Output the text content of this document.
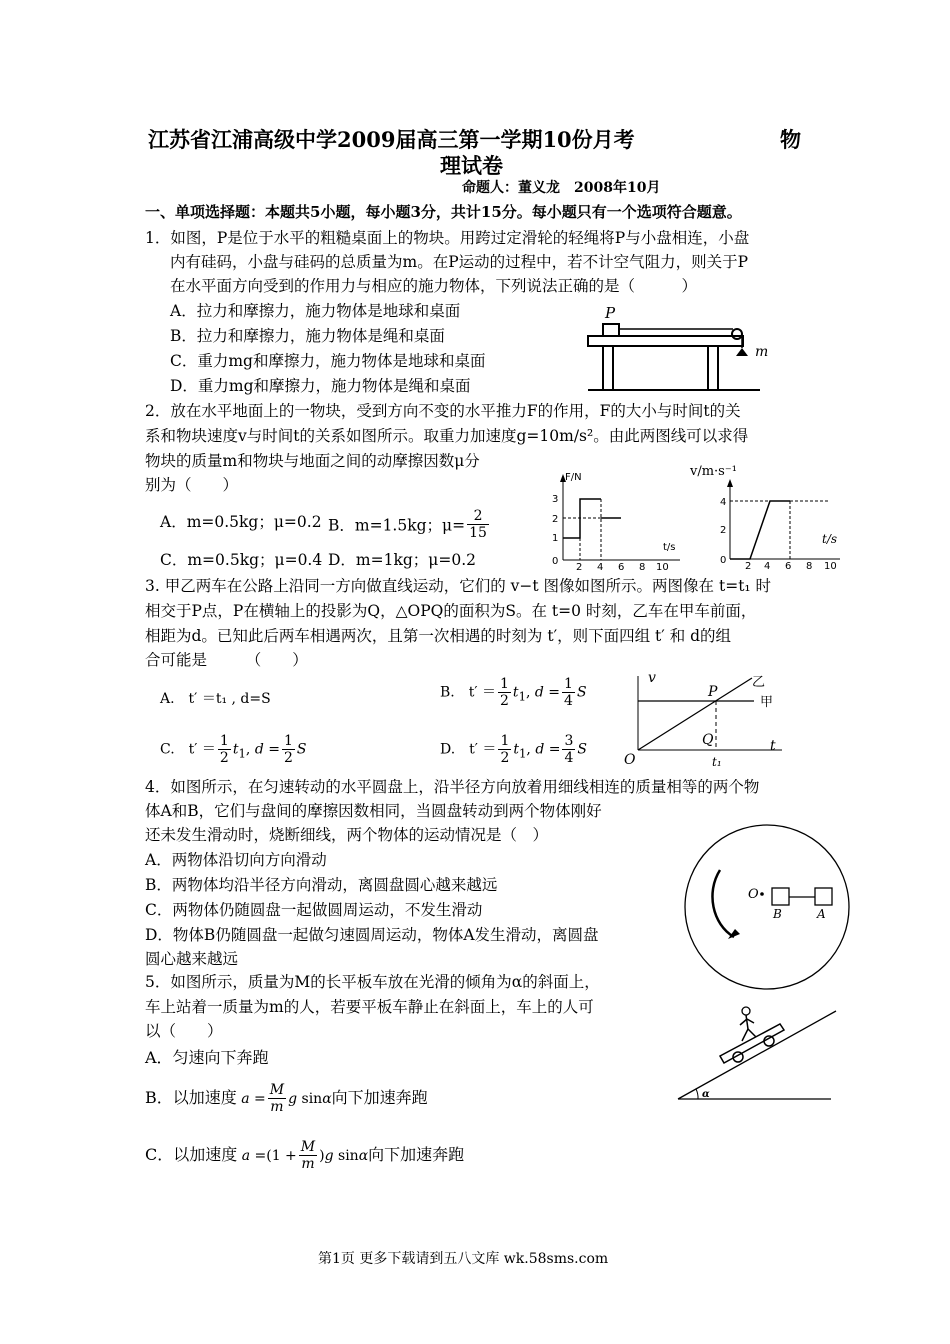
江苏省江浦高级中学2009届高三第一学期10份月考	物
理试卷
命题人：董义龙　2008年10月
一、单项选择题：本题共5小题，每小题3分，共计15分。每小题只有一个选项符合题意。
1．如图，P是位于水平的粗糙桌面上的物块。用跨过定滑轮的轻绳将P与小盘相连，小盘
内有硅码，小盘与硅码的总质量为m。在P运动的过程中，若不计空气阻力，则关于P
在水平面方向受到的作用力与相应的施力物体，下列说法正确的是（　　　）
A．拉力和摩擦力，施力物体是地球和桌面
B．拉力和摩擦力，施力物体是绳和桌面
C．重力mg和摩擦力，施力物体是地球和桌面
D．重力mg和摩擦力，施力物体是绳和桌面
P
m
2．放在水平地面上的一物块，受到方向不变的水平推力F的作用，F的大小与时间t的关
系和物块速度v与时间t的关系如图所示。取重力加速度g=10m/s²。由此两图线可以求得
物块的质量m和物块与地面之间的动摩擦因数μ分
别为（　　）
A．m=0.5kg；μ=0.2 B．m=1.5kg；$\mu= \frac{2}{15}$
C．m=0.5kg；μ=0.4 D．m=1kg；μ=0.2
F/N
t/s
0
1
2
3
2 4 6 8 10
v/m·s⁻¹
t/s
0
2
4
2 4 6 8 10
3. 甲乙两车在公路上沿同一方向做直线运动，它们的 v−t 图像如图所示。两图像在 t=t₁ 时
相交于P点，P在横轴上的投影为Q，△OPQ的面积为S。在 t=0 时刻，乙车在甲车前面，
相距为d。已知此后两车相遇两次，且第一次相遇的时刻为 t′，则下面四组 t′ 和 d的组
合可能是　　　（　　）
A.　t′ ＝t₁ , d=S	B.　$t' = \frac{1}{2} t_1$, $d = \frac{1}{4}$ S
C.　$t' = \frac{1}{2} t_1$, $d = \frac{1}{2}$ S	D.　$t' = \frac{1}{2} t_1$, $d = \frac{3}{4}$ S
v
t
O
P
Q
t₁
乙
甲
4．如图所示，在匀速转动的水平圆盘上，沿半径方向放着用细线相连的质量相等的两个物
体A和B，它们与盘间的摩擦因数相同，当圆盘转动到两个物体刚好
还未发生滑动时，烧断细线，两个物体的运动情况是（　）
A．两物体沿切向方向滑动
B．两物体均沿半径方向滑动，离圆盘圆心越来越远
C．两物体仍随圆盘一起做圆周运动，不发生滑动
D．物体B仍随圆盘一起做匀速圆周运动，物体A发生滑动，离圆盘
圆心越来越远
O
B	A
5．如图所示，质量为M的长平板车放在光滑的倾角为α的斜面上，
车上站着一质量为m的人，若要平板车静止在斜面上，车上的人可
以（　　）
A．匀速向下奔跑
B．以加速度 $a = \frac{M}{m}$ g sinα向下加速奔跑
C．以加速度 $a =(1 + \frac{M}{m} )g$ sinα向下加速奔跑
α
第1页 更多下载请到五八文库 wk.58sms.com
